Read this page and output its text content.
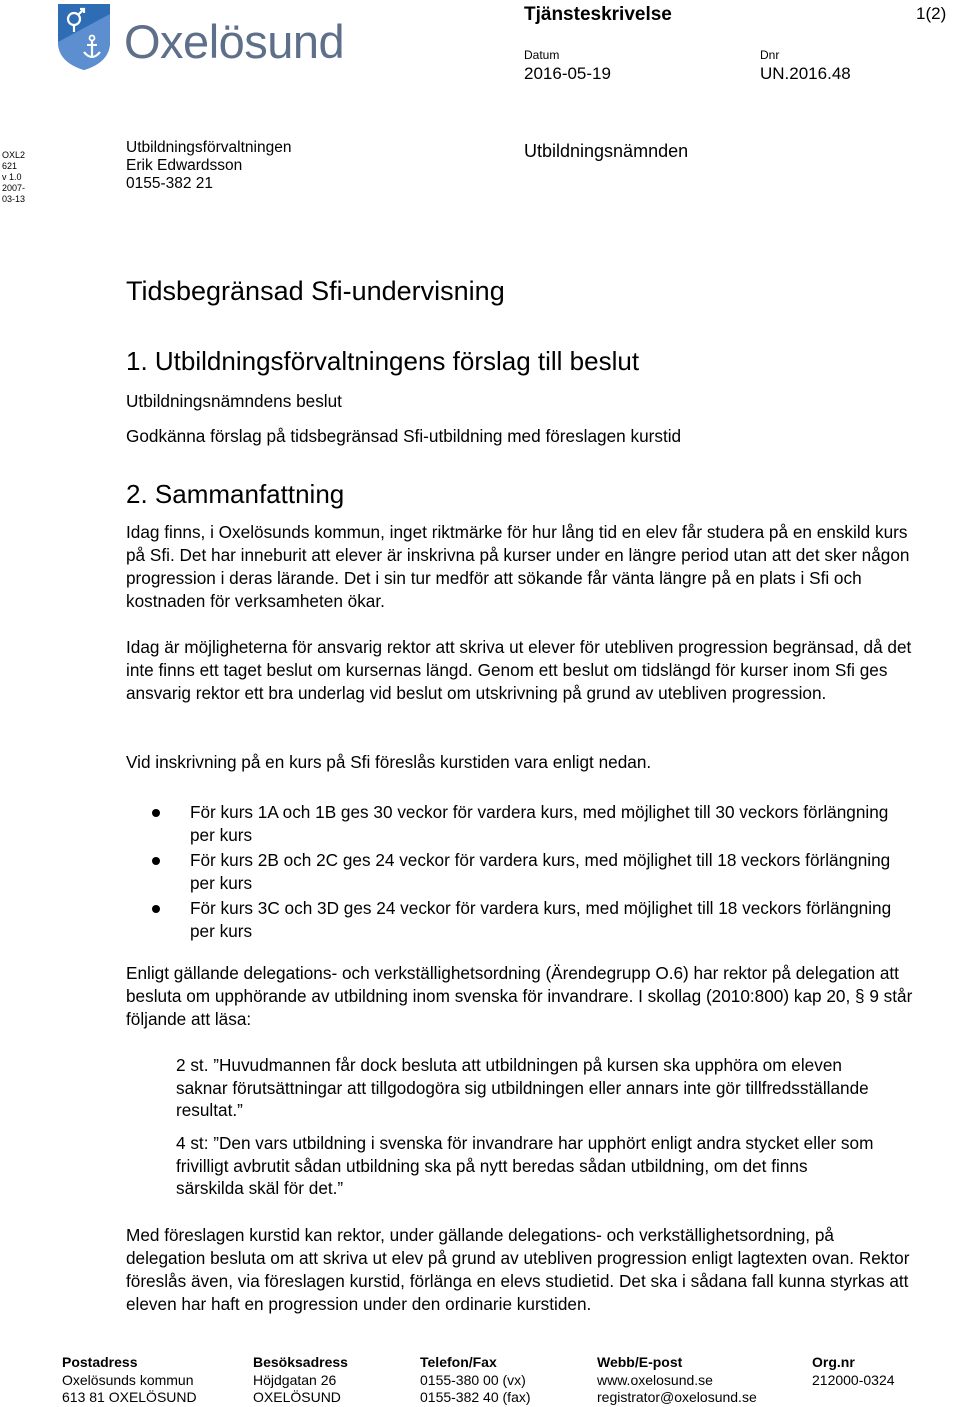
Oxelösund
Tjänsteskrivelse	1(2)
Datum
2016-05-19
Dnr
UN.2016.48
OXL2
621
v 1.0
2007-
03-13
Utbildningsförvaltningen
Erik Edwardsson
0155-382 21
Utbildningsnämnden
Tidsbegränsad Sfi-undervisning
1. Utbildningsförvaltningens förslag till beslut
Utbildningsnämndens beslut
Godkänna förslag på tidsbegränsad Sfi-utbildning med föreslagen kurstid
2. Sammanfattning
Idag finns, i Oxelösunds kommun, inget riktmärke för hur lång tid en elev får studera på en enskild kurs på Sfi. Det har inneburit att elever är inskrivna på kurser under en längre period utan att det sker någon progression i deras lärande. Det i sin tur medför att sökande får vänta längre på en plats i Sfi och kostnaden för verksamheten ökar.
Idag är möjligheterna för ansvarig rektor att skriva ut elever för utebliven progression begränsad, då det inte finns ett taget beslut om kursernas längd. Genom ett beslut om tidslängd för kurser inom Sfi ges ansvarig rektor ett bra underlag vid beslut om utskrivning på grund av utebliven progression.
Vid inskrivning på en kurs på Sfi föreslås kurstiden vara enligt nedan.
För kurs 1A och 1B ges 30 veckor för vardera kurs, med möjlighet till 30 veckors förlängning per kurs
För kurs 2B och 2C ges 24 veckor för vardera kurs, med möjlighet till 18 veckors förlängning per kurs
För kurs 3C och 3D ges 24 veckor för vardera kurs, med möjlighet till 18 veckors förlängning per kurs
Enligt gällande delegations- och verkställighetsordning (Ärendegrupp O.6) har rektor på delegation att besluta om upphörande av utbildning inom svenska för invandrare. I skollag (2010:800) kap 20, § 9 står följande att läsa:
2 st. ”Huvudmannen får dock besluta att utbildningen på kursen ska upphöra om eleven saknar förutsättningar att tillgodogöra sig utbildningen eller annars inte gör tillfredsställande resultat.”
4 st: ”Den vars utbildning i svenska för invandrare har upphört enligt andra stycket eller som frivilligt avbrutit sådan utbildning ska på nytt beredas sådan utbildning, om det finns särskilda skäl för det.”
Med föreslagen kurstid kan rektor, under gällande delegations- och verkställighetsordning, på delegation besluta om att skriva ut elev på grund av utebliven progression enligt lagtexten ovan. Rektor föreslås även, via föreslagen kurstid, förlänga en elevs studietid. Det ska i sådana fall kunna styrkas att eleven har haft en progression under den ordinarie kurstiden.
Postadress
Oxelösunds kommun
613 81 OXELÖSUND
Besöksadress
Höjdgatan 26
OXELÖSUND
Telefon/Fax
0155-380 00 (vx)
0155-382 40 (fax)
Webb/E-post
www.oxelosund.se
registrator@oxelosund.se
Org.nr
212000-0324
